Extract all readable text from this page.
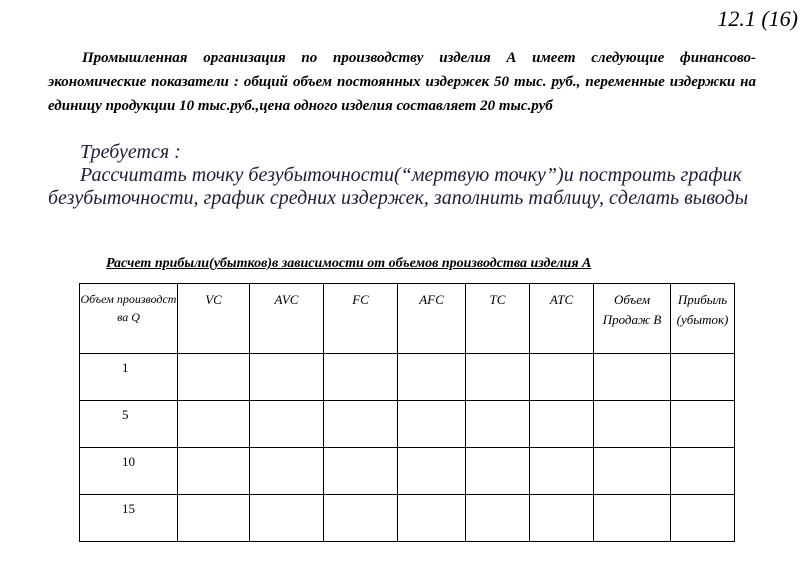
12.1 (16)

Промышленная организация по производству изделия А имеет следующие финансово-экономические показатели : общий объем постоянных издержек 50 тыс. руб., переменные издержки на единицу продукции 10 тыс.руб.,цена одного изделия составляет 20 тыс.руб

Требуется :
Рассчитать точку безубыточности(“мертвую точку”)и построить график безубыточности, график средних издержек, заполнить таблицу, сделать выводы

Расчет прибыли(убытков)в зависимости от объемов производства изделия А

Объем производст ва Q	VC	AVC	FC	AFC	TC	ATC	Объем Продаж В	Прибыль (убыток)
1								
5								
10								
15								
